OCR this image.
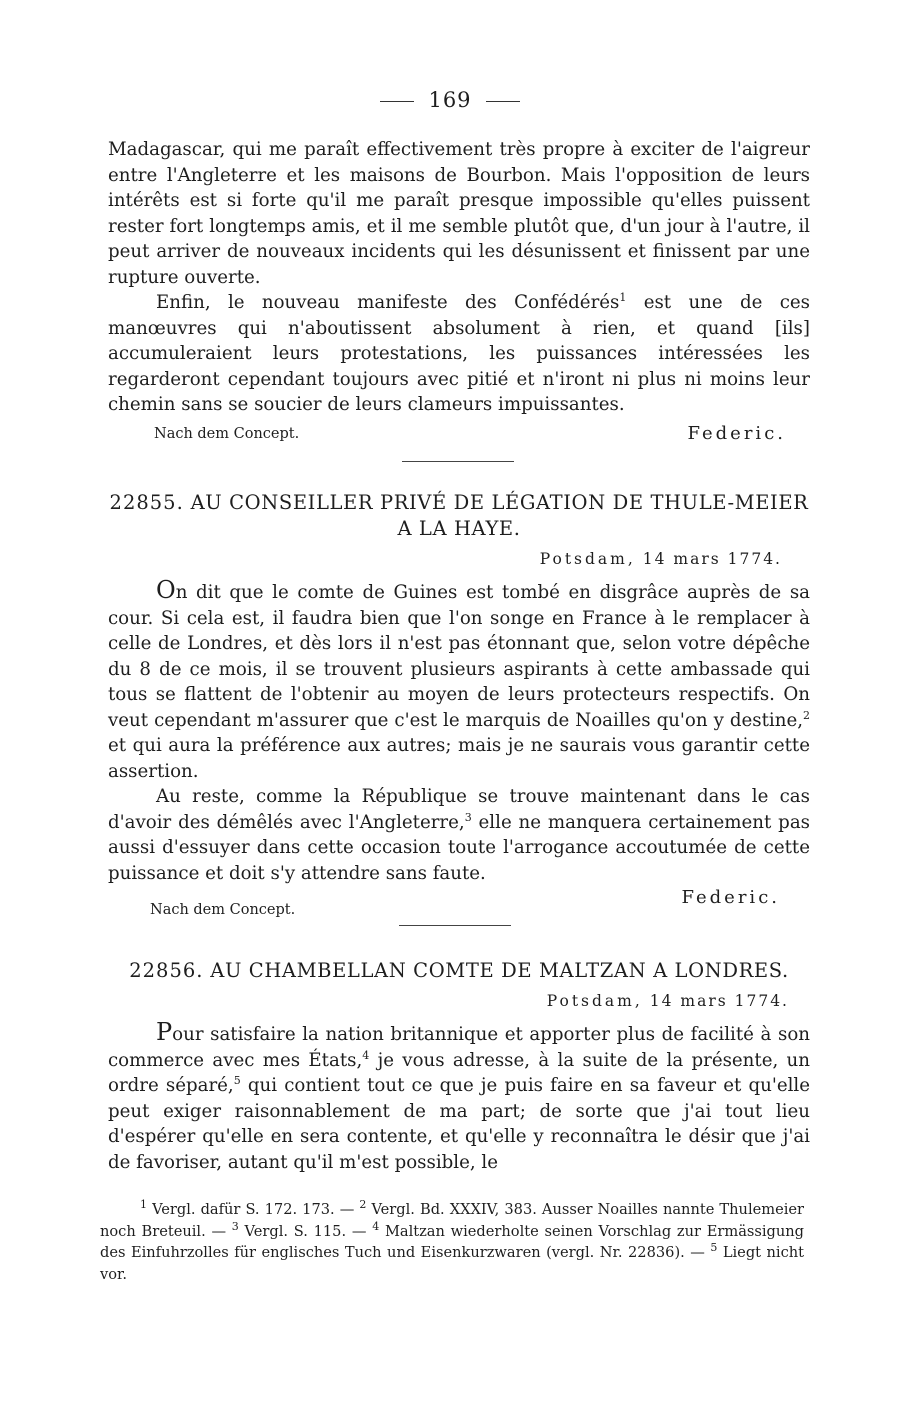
169

Madagascar, qui me paraît effectivement très propre à exciter de l'aigreur entre l'Angleterre et les maisons de Bourbon. Mais l'opposition de leurs intérêts est si forte qu'il me paraît presque impossible qu'elles puissent rester fort longtemps amis, et il me semble plutôt que, d'un jour à l'autre, il peut arriver de nouveaux incidents qui les désunissent et finissent par une rupture ouverte.

Enfin, le nouveau manifeste des Confédérés$^1$ est une de ces manœuvres qui n'aboutissent absolument à rien, et quand [ils] accumuleraient leurs protestations, les puissances intéressées les regarderont cependant toujours avec pitié et n'iront ni plus ni moins leur chemin sans se soucier de leurs clameurs impuissantes.

Nach dem Concept.	Federic.
22855. AU CONSEILLER PRIVÉ DE LÉGATION DE THULE-MEIER A LA HAYE.
Potsdam, 14 mars 1774.

On dit que le comte de Guines est tombé en disgrâce auprès de sa cour. Si cela est, il faudra bien que l'on songe en France à le remplacer à celle de Londres, et dès lors il n'est pas étonnant que, selon votre dépêche du 8 de ce mois, il se trouvent plusieurs aspirants à cette ambassade qui tous se flattent de l'obtenir au moyen de leurs protecteurs respectifs. On veut cependant m'assurer que c'est le marquis de Noailles qu'on y destine,$^2$ et qui aura la préférence aux autres; mais je ne saurais vous garantir cette assertion.

Au reste, comme la République se trouve maintenant dans le cas d'avoir des démêlés avec l'Angleterre,$^3$ elle ne manquera certainement pas aussi d'essuyer dans cette occasion toute l'arrogance accoutumée de cette puissance et doit s'y attendre sans faute.

Nach dem Concept.
Federic.
22856. AU CHAMBELLAN COMTE DE MALTZAN A LONDRES.
Potsdam, 14 mars 1774.

Pour satisfaire la nation britannique et apporter plus de facilité à son commerce avec mes États,$^4$ je vous adresse, à la suite de la présente, un ordre séparé,$^5$ qui contient tout ce que je puis faire en sa faveur et qu'elle peut exiger raisonnablement de ma part; de sorte que j'ai tout lieu d'espérer qu'elle en sera contente, et qu'elle y reconnaîtra le désir que j'ai de favoriser, autant qu'il m'est possible, le

$^1$ Vergl. dafür S. 172. 173. — $^2$ Vergl. Bd. XXXIV, 383. Ausser Noailles nannte Thulemeier noch Breteuil. — $^3$ Vergl. S. 115. — $^4$ Maltzan wiederholte seinen Vorschlag zur Ermässigung des Einfuhrzolles für englisches Tuch und Eisenkurzwaren (vergl. Nr. 22836). — $^5$ Liegt nicht vor.
